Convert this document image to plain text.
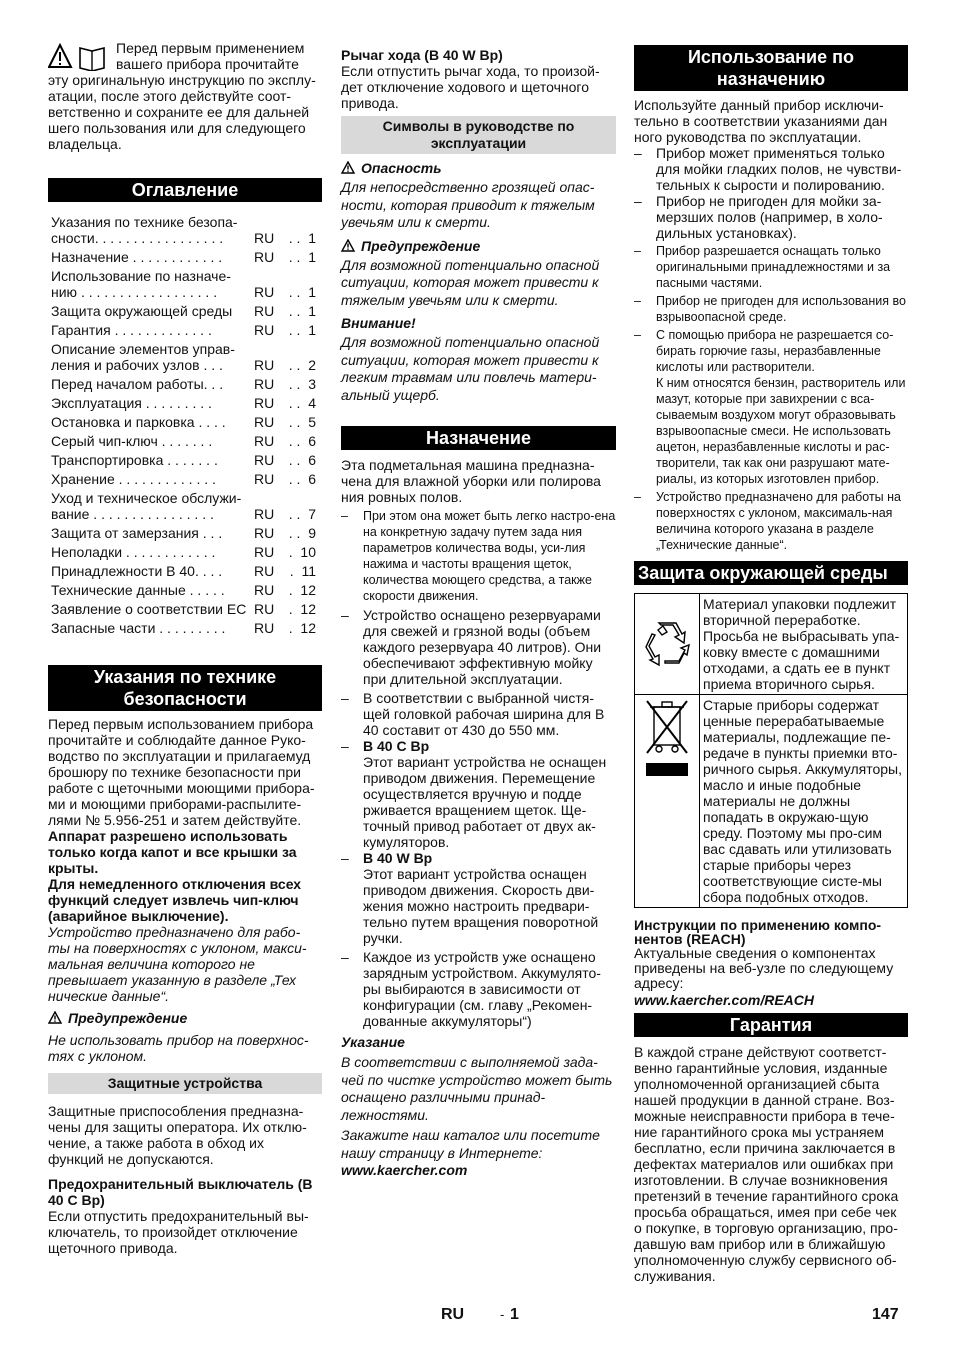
Перед первым применением

вашего прибора прочитайте

эту оригинальную инструкцию по эксплу-атации, после этого действуйте соот-ветственно и сохраните ее для дальней шего пользования или для следующего владельца.

Оглавление
Указания по технике безопа-
сности. . . . . . . . . . . . . . . . .	RU	. .  1

Назначение . . . . . . . . . . . .	RU	. .  1

Использование по назначе-
нию . . . . . . . . . . . . . . . . . .	RU	. .  1

Защита окружающей среды	RU	. .  1

Гарантия . . . . . . . . . . . . .	RU	. .  1

Описание элементов управ-
ления и рабочих узлов . . .	RU	. .  2

Перед началом работы. . .	RU	. .  3

Эксплуатация . . . . . . . . .	RU	. .  4

Остановка и парковка . . . .	RU	. .  5

Серый чип-ключ . . . . . . .	RU	. .  6

Транспортировка . . . . . . .	RU	. .  6

Хранение . . . . . . . . . . . . .	RU	. .  6

Уход и техническое обслужи-
вание . . . . . . . . . . . . . . . .	RU	. .  7

Защита от замерзания . . .	RU	. .  9

Неполадки . . . . . . . . . . . .	RU	.  10

Принадлежности В 40. . . .	RU	.  11

Технические данные . . . . .	RU	.  12

Заявление о соответствии ЕС	RU	.  12

Запасные части . . . . . . . . .	RU	.  12

Указания по технике безопасности

Перед первым использованием прибора прочитайте и соблюдайте данное Руко-водство по эксплуатации и прилагаемуд брошюру по технике безопасности при работе с щеточными моющими прибора-ми и моющими приборами-распылите-лями № 5.956-251 и затем действуйте.

Аппарат разрешено использовать только когда капот и все крышки за крыты.

Для немедленного отключения всех функций следует извлечь чип-ключ (аварийное выключение).

Устройство предназначено для рабо-ты на поверхностях с уклоном, макси-мальная величина которого не превышает указанную в разделе „Тех нические данные“.

Предупреждение

Не использовать прибор на поверхнос-тях с уклоном.

Защитные устройства

Защитные приспособления предназна-чены для защиты оператора. Их отклю-чение, а также работа в обход их функций не допускаются.

Предохранительный выключатель (В 40 С Вр)

Если отпустить предохранительный вы-ключатель, то произойдет отключение щеточного привода.

Рычаг хода (В 40 W Bp)

Если отпустить рычаг хода, то произой-дет отключение ходового и щеточного привода.

Символы в руководстве по эксплуатации

Опасность

Для непосредственно грозящей опас-ности, которая приводит к тяжелым увечьям или к смерти.

Предупреждение

Для возможной потенциально опасной ситуации, которая может привести к тяжелым увечьям или к смерти.

Внимание!

Для возможной потенциально опасной ситуации, которая может привести к легким травмам или повлечь матери-альный ущерб.

Назначение

Эта подметальная машина предназна-чена для влажной уборки или полирова ния ровных полов.

– При этом она может быть легко настро-ена на конкретную задачу путем зада ния параметров количества воды, уси-лия нажима и частоты вращения щеток, количества моющего средства, а также скорости движения.
– Устройство оснащено резервуарами для свежей и грязной воды (объем каждого резервуара 40 литров). Они обеспечивают эффективную мойку при длительной эксплуатации.
– В соответствии с выбранной чистя-щей головкой рабочая ширина для В 40 составит от 430 до 550 мм.
– B 40 C Bp
Этот вариант устройства не оснащен приводом движения. Перемещение осуществляется вручную и подде рживается вращением щеток. Ще-точный привод работает от двух ак-кумуляторов.
– B 40 W Bp
Этот вариант устройства оснащен приводом движения. Скорость дви-жения можно настроить предвари-тельно путем вращения поворотной ручки.
– Каждое из устройств уже оснащено зарядным устройством. Аккумулято-ры выбираются в зависимости от конфигурации (см. главу „Рекомен-дованные аккумуляторы“)

Указание

В соответствии с выполняемой зада-чей по чистке устройство может быть оснащено различными принад-лежностями.

Закажите наш каталог или посетите нашу страницу в Интернете:

www.kaercher.com

Использование по назначению

Используйте данный прибор исключи-тельно в соответствии указаниями дан ного руководства по эксплуатации.

– Прибор может применяться только для мойки гладких полов, не чувстви-тельных к сырости и полированию.
– Прибор не пригоден для мойки за-мерзших полов (например, в холо-дильных установках).
– Прибор разрешается оснащать только оригинальными принадлежностями и за пасными частями.
– Прибор не пригоден для использования во взрывоопасной среде.
– С помощью прибора не разрешается со-бирать горючие газы, неразбавленные кислоты или растворители.
К ним относятся бензин, растворитель или мазут, которые при завихрении с вса-сываемым воздухом могут образовывать взрывоопасные смеси. Не использовать ацетон, неразбавленные кислоты и рас-творители, так как они разрушают мате-риалы, из которых изготовлен прибор.
– Устройство предназначено для работы на поверхностях с уклоном, максималь-ная величина которого указана в разделе „Технические данные“.
Защита окружающей среды
	Материал упаковки подлежит вторичной переработке. Просьба не выбрасывать упа-ковку вместе с домашними отходами, а сдать ее в пункт приема вторичного сырья.
	Старые приборы содержат ценные перерабатываемые материалы, подлежащие пе-редаче в пункты приемки вто-ричного сырья. Аккумуляторы, масло и иные подобные материалы не должны попадать в окружаю-щую среду. Поэтому мы про-сим вас сдавать или утилизовать старые приборы через соответствующие систе-мы сбора подобных отходов.

Инструкции по применению компо-нентов (REACH)

Актуальные сведения о компонентах приведены на веб-узле по следующему адресу:

www.kaercher.com/REACH

Гарантия

В каждой стране действуют соответст-венно гарантийные условия, изданные уполномоченной организацией сбыта нашей продукции в данной стране. Воз-можные неисправности прибора в тече-ние гарантийного срока мы устраняем бесплатно, если причина заключается в дефектах материалов или ошибках при изготовлении. В случае возникновения претензий в течение гарантийного срока просьба обращаться, имея при себе чек о покупке, в торговую организацию, про-давшую вам прибор или в ближайшую уполномоченную службу сервисного об-служивания.

RU	- 1	147
